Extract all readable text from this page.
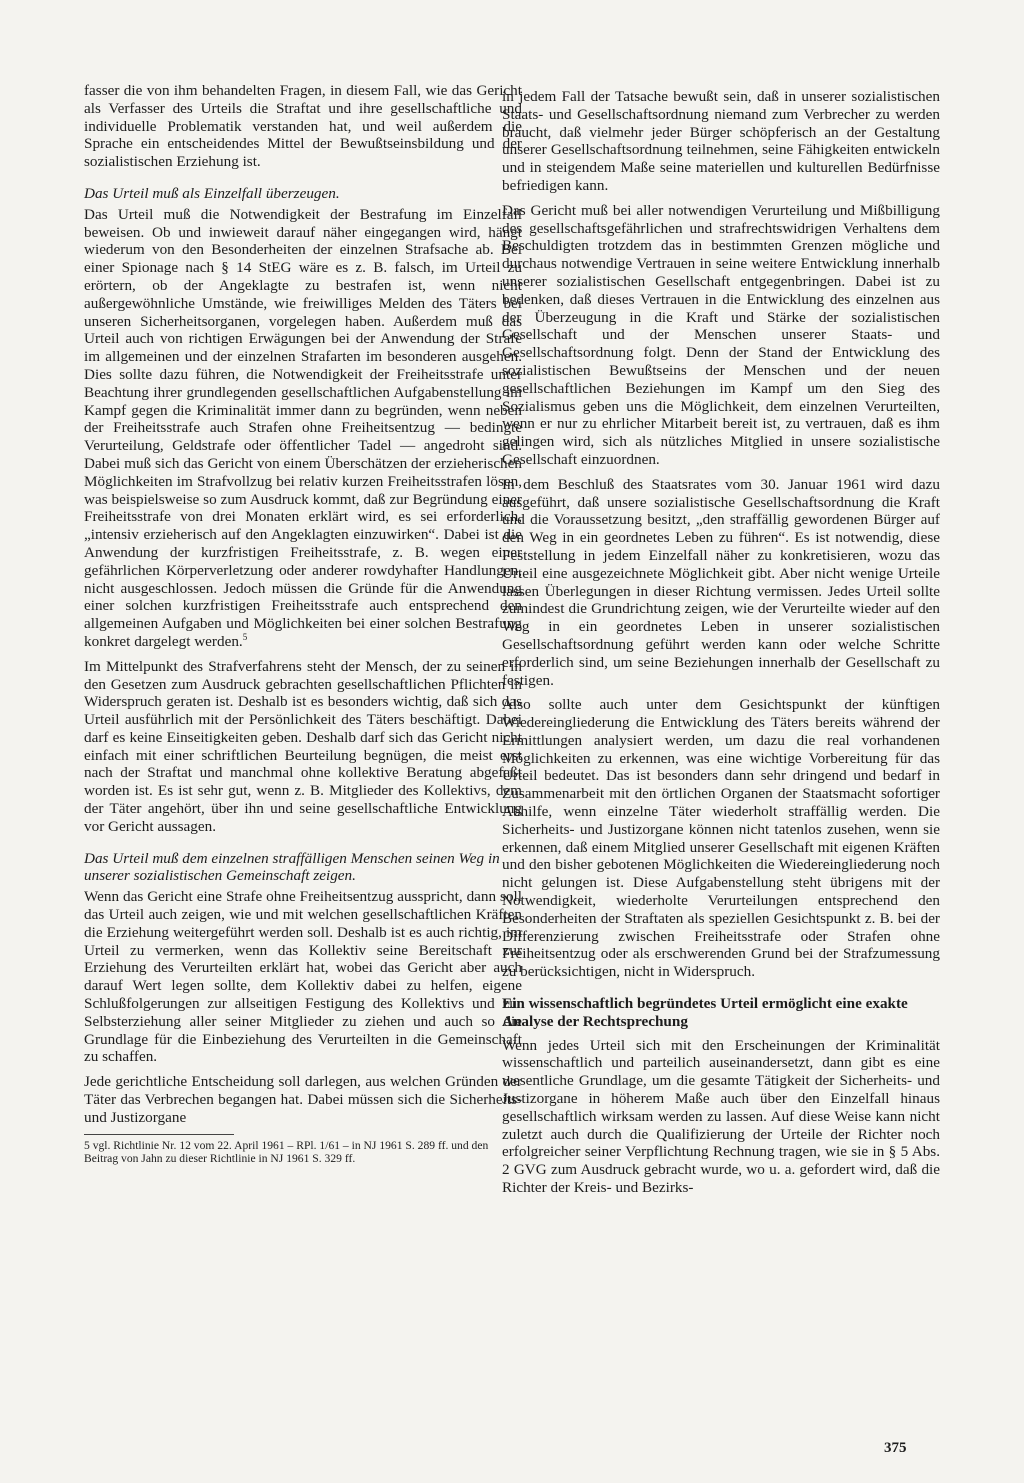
fasser die von ihm behandelten Fragen, in diesem Fall, wie das Gericht als Verfasser des Urteils die Straftat und ihre gesellschaftliche und individuelle Problematik verstanden hat, und weil außerdem die Sprache ein entscheidendes Mittel der Bewußtseinsbildung und der sozialistischen Erziehung ist.

Das Urteil muß als Einzelfall überzeugen.

Das Urteil muß die Notwendigkeit der Bestrafung im Einzelfall beweisen. Ob und inwieweit darauf näher eingegangen wird, hängt wiederum von den Besonderheiten der einzelnen Strafsache ab. Bei einer Spionage nach § 14 StEG wäre es z. B. falsch, im Urteil zu erörtern, ob der Angeklagte zu bestrafen ist, wenn nicht außergewöhnliche Umstände, wie freiwilliges Melden des Täters bei unseren Sicherheitsorganen, vorgelegen haben. Außerdem muß das Urteil auch von richtigen Erwägungen bei der Anwendung der Strafe im allgemeinen und der einzelnen Strafarten im besonderen ausgehen. Dies sollte dazu führen, die Notwendigkeit der Freiheitsstrafe unter Beachtung ihrer grundlegenden gesellschaftlichen Aufgabenstellung im Kampf gegen die Kriminalität immer dann zu begründen, wenn neben der Freiheitsstrafe auch Strafen ohne Freiheitsentzug — bedingte Verurteilung, Geldstrafe oder öffentlicher Tadel — angedroht sind. Dabei muß sich das Gericht von einem Überschätzen der erzieherischen Möglichkeiten im Strafvollzug bei relativ kurzen Freiheitsstrafen lösen, was beispielsweise so zum Ausdruck kommt, daß zur Begründung einer Freiheitsstrafe von drei Monaten erklärt wird, es sei erforderlich, „intensiv erzieherisch auf den Angeklagten einzuwirken“. Dabei ist die Anwendung der kurzfristigen Freiheitsstrafe, z. B. wegen einer gefährlichen Körperverletzung oder anderer rowdyhafter Handlungen, nicht ausgeschlossen. Jedoch müssen die Gründe für die Anwendung einer solchen kurzfristigen Freiheitsstrafe auch entsprechend den allgemeinen Aufgaben und Möglichkeiten bei einer solchen Bestrafung konkret dargelegt werden.$^5$

Im Mittelpunkt des Strafverfahrens steht der Mensch, der zu seinen in den Gesetzen zum Ausdruck gebrachten gesellschaftlichen Pflichten in Widerspruch geraten ist. Deshalb ist es besonders wichtig, daß sich das Urteil ausführlich mit der Persönlichkeit des Täters beschäftigt. Dabei darf es keine Einseitigkeiten geben. Deshalb darf sich das Gericht nicht einfach mit einer schriftlichen Beurteilung begnügen, die meist erst nach der Straftat und manchmal ohne kollektive Beratung abgefaßt worden ist. Es ist sehr gut, wenn z. B. Mitglieder des Kollektivs, dem der Täter angehört, über ihn und seine gesellschaftliche Entwicklung vor Gericht aussagen.

Das Urteil muß dem einzelnen straffälligen Menschen seinen Weg in unserer sozialistischen Gemeinschaft zeigen.

Wenn das Gericht eine Strafe ohne Freiheitsentzug ausspricht, dann soll das Urteil auch zeigen, wie und mit welchen gesellschaftlichen Kräften die Erziehung weitergeführt werden soll. Deshalb ist es auch richtig, im Urteil zu vermerken, wenn das Kollektiv seine Bereitschaft zur Erziehung des Verurteilten erklärt hat, wobei das Gericht aber auch darauf Wert legen sollte, dem Kollektiv dabei zu helfen, eigene Schlußfolgerungen zur allseitigen Festigung des Kollektivs und zur Selbsterziehung aller seiner Mitglieder zu ziehen und auch so die Grundlage für die Einbeziehung des Verurteilten in die Gemeinschaft zu schaffen.

Jede gerichtliche Entscheidung soll darlegen, aus welchen Gründen der Täter das Verbrechen begangen hat. Dabei müssen sich die Sicherheits- und Justizorgane

5 vgl. Richtlinie Nr. 12 vom 22. April 1961 – RPl. 1/61 – in NJ 1961 S. 289 ff. und den Beitrag von Jahn zu dieser Richtlinie in NJ 1961 S. 329 ff.

in jedem Fall der Tatsache bewußt sein, daß in unserer sozialistischen Staats- und Gesellschaftsordnung niemand zum Verbrecher zu werden braucht, daß vielmehr jeder Bürger schöpferisch an der Gestaltung unserer Gesellschaftsordnung teilnehmen, seine Fähigkeiten entwickeln und in steigendem Maße seine materiellen und kulturellen Bedürfnisse befriedigen kann.

Das Gericht muß bei aller notwendigen Verurteilung und Mißbilligung des gesellschaftsgefährlichen und strafrechtswidrigen Verhaltens dem Beschuldigten trotzdem das in bestimmten Grenzen mögliche und durchaus notwendige Vertrauen in seine weitere Entwicklung innerhalb unserer sozialistischen Gesellschaft entgegenbringen. Dabei ist zu bedenken, daß dieses Vertrauen in die Entwicklung des einzelnen aus der Überzeugung in die Kraft und Stärke der sozialistischen Gesellschaft und der Menschen unserer Staats- und Gesellschaftsordnung folgt. Denn der Stand der Entwicklung des sozialistischen Bewußtseins der Menschen und der neuen gesellschaftlichen Beziehungen im Kampf um den Sieg des Sozialismus geben uns die Möglichkeit, dem einzelnen Verurteilten, wenn er nur zu ehrlicher Mitarbeit bereit ist, zu vertrauen, daß es ihm gelingen wird, sich als nützliches Mitglied in unsere sozialistische Gesellschaft einzuordnen.

In dem Beschluß des Staatsrates vom 30. Januar 1961 wird dazu ausgeführt, daß unsere sozialistische Gesellschaftsordnung die Kraft und die Voraussetzung besitzt, „den straffällig gewordenen Bürger auf den Weg in ein geordnetes Leben zu führen“. Es ist notwendig, diese Feststellung in jedem Einzelfall näher zu konkretisieren, wozu das Urteil eine ausgezeichnete Möglichkeit gibt. Aber nicht wenige Urteile lassen Überlegungen in dieser Richtung vermissen. Jedes Urteil sollte zumindest die Grundrichtung zeigen, wie der Verurteilte wieder auf den Weg in ein geordnetes Leben in unserer sozialistischen Gesellschaftsordnung geführt werden kann oder welche Schritte erforderlich sind, um seine Beziehungen innerhalb der Gesellschaft zu festigen.

Also sollte auch unter dem Gesichtspunkt der künftigen Wiedereingliederung die Entwicklung des Täters bereits während der Ermittlungen analysiert werden, um dazu die real vorhandenen Möglichkeiten zu erkennen, was eine wichtige Vorbereitung für das Urteil bedeutet. Das ist besonders dann sehr dringend und bedarf in Zusammenarbeit mit den örtlichen Organen der Staatsmacht sofortiger Abhilfe, wenn einzelne Täter wiederholt straffällig werden. Die Sicherheits- und Justizorgane können nicht tatenlos zusehen, wenn sie erkennen, daß einem Mitglied unserer Gesellschaft mit eigenen Kräften und den bisher gebotenen Möglichkeiten die Wiedereingliederung noch nicht gelungen ist. Diese Aufgabenstellung steht übrigens mit der Notwendigkeit, wiederholte Verurteilungen entsprechend den Besonderheiten der Straftaten als speziellen Gesichtspunkt z. B. bei der Differenzierung zwischen Freiheitsstrafe oder Strafen ohne Freiheitsentzug oder als erschwerenden Grund bei der Strafzumessung zu berücksichtigen, nicht in Widerspruch.

Ein wissenschaftlich begründetes Urteil ermöglicht eine exakte Analyse der Rechtsprechung

Wenn jedes Urteil sich mit den Erscheinungen der Kriminalität wissenschaftlich und parteilich auseinandersetzt, dann gibt es eine wesentliche Grundlage, um die gesamte Tätigkeit der Sicherheits- und Justizorgane in höherem Maße auch über den Einzelfall hinaus gesellschaftlich wirksam werden zu lassen. Auf diese Weise kann nicht zuletzt auch durch die Qualifizierung der Urteile der Richter noch erfolgreicher seiner Verpflichtung Rechnung tragen, wie sie in § 5 Abs. 2 GVG zum Ausdruck gebracht wurde, wo u. a. gefordert wird, daß die Richter der Kreis- und Bezirks-

375
